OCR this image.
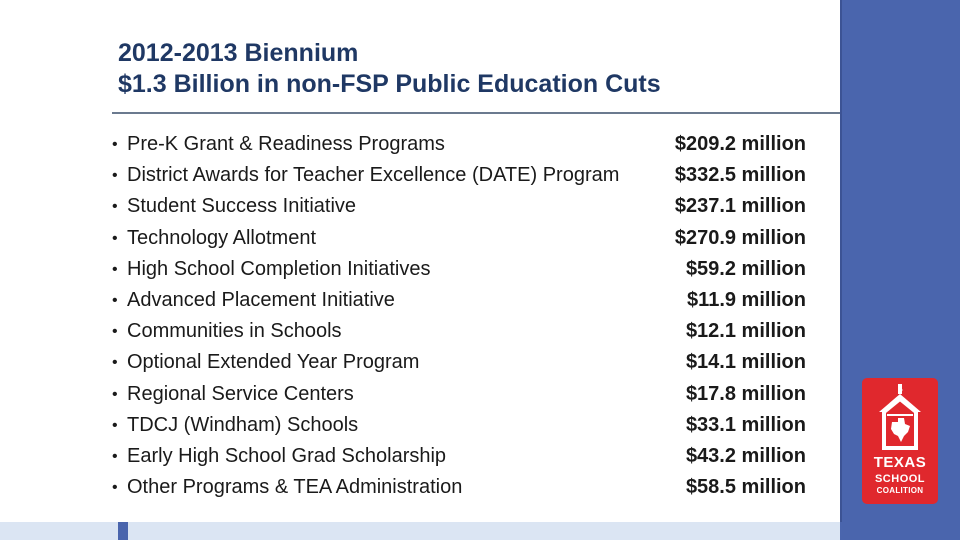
2012-2013 Biennium
$1.3 Billion in non-FSP Public Education Cuts
• Pre-K Grant & Readiness Programs	$209.2 million
• District Awards for Teacher Excellence (DATE) Program	$332.5 million
• Student Success Initiative	$237.1 million
• Technology Allotment	$270.9 million
• High School Completion Initiatives	$59.2 million
• Advanced Placement Initiative	$11.9 million
• Communities in Schools	$12.1 million
• Optional Extended Year Program	$14.1 million
• Regional Service Centers	$17.8 million
• TDCJ (Windham) Schools	$33.1 million
• Early High School Grad Scholarship	$43.2 million
• Other Programs & TEA Administration	$58.5 million
TEXAS
SCHOOL
COALITION
